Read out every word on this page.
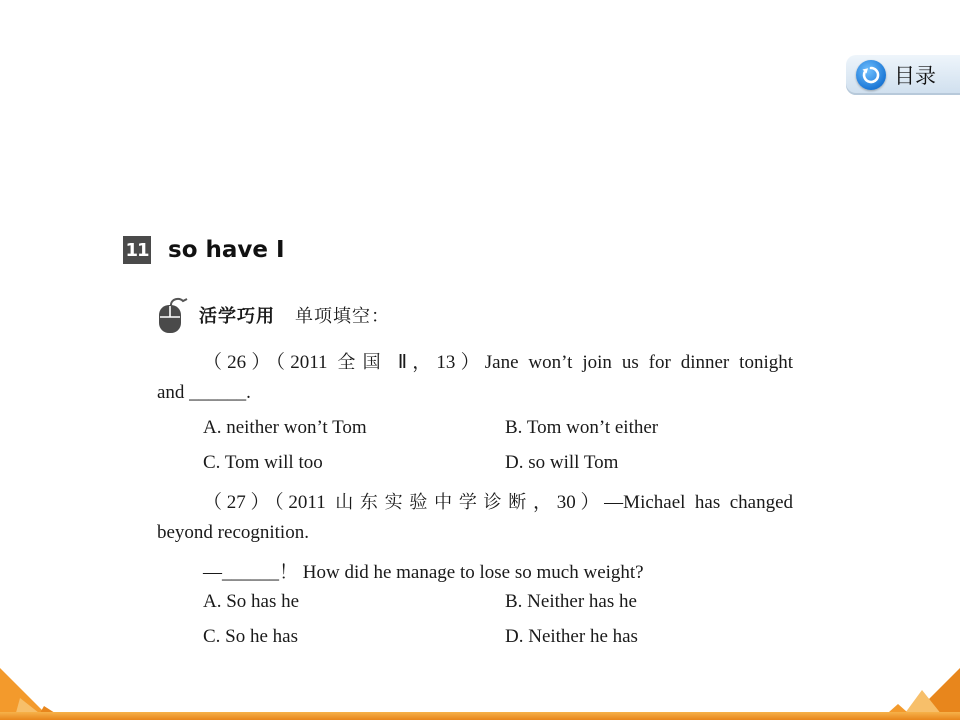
目录
11 so have I
活学巧用 单项填空：
（26）（2011 全国 Ⅱ，13）Jane won’t join us for dinner tonight
and ______.
A. neither won’t Tom	B. Tom won’t either
C. Tom will too	D. so will Tom
（27）（2011 山东实验中学诊断，30）—Michael has changed
beyond recognition.
—______！ How did he manage to lose so much weight?
A. So has he	B. Neither has he
C. So he has	D. Neither he has
